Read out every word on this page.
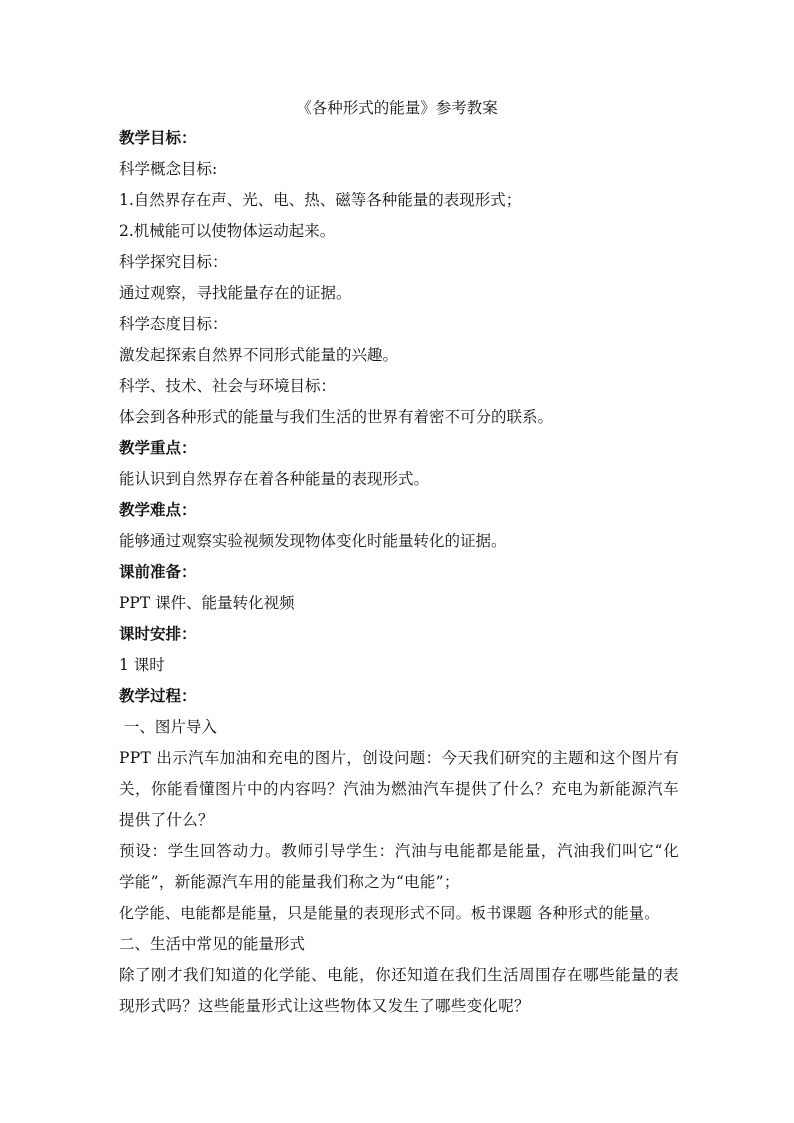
《各种形式的能量》参考教案
教学目标：
科学概念目标:
1.自然界存在声、光、电、热、磁等各种能量的表现形式；
2.机械能可以使物体运动起来。
科学探究目标：
通过观察，寻找能量存在的证据。
科学态度目标：
激发起探索自然界不同形式能量的兴趣。
科学、技术、社会与环境目标：
体会到各种形式的能量与我们生活的世界有着密不可分的联系。
教学重点：
能认识到自然界存在着各种能量的表现形式。
教学难点：
能够通过观察实验视频发现物体变化时能量转化的证据。
课前准备：
PPT 课件、能量转化视频
课时安排：
1 课时
教学过程：
一、图片导入
PPT 出示汽车加油和充电的图片，创设问题：今天我们研究的主题和这个图片有关，你能看懂图片中的内容吗？汽油为燃油汽车提供了什么？充电为新能源汽车提供了什么？
预设：学生回答动力。教师引导学生：汽油与电能都是能量，汽油我们叫它“化学能”，新能源汽车用的能量我们称之为“电能”；
化学能、电能都是能量，只是能量的表现形式不同。板书课题 各种形式的能量。
二、生活中常见的能量形式
除了刚才我们知道的化学能、电能，你还知道在我们生活周围存在哪些能量的表现形式吗？这些能量形式让这些物体又发生了哪些变化呢？
